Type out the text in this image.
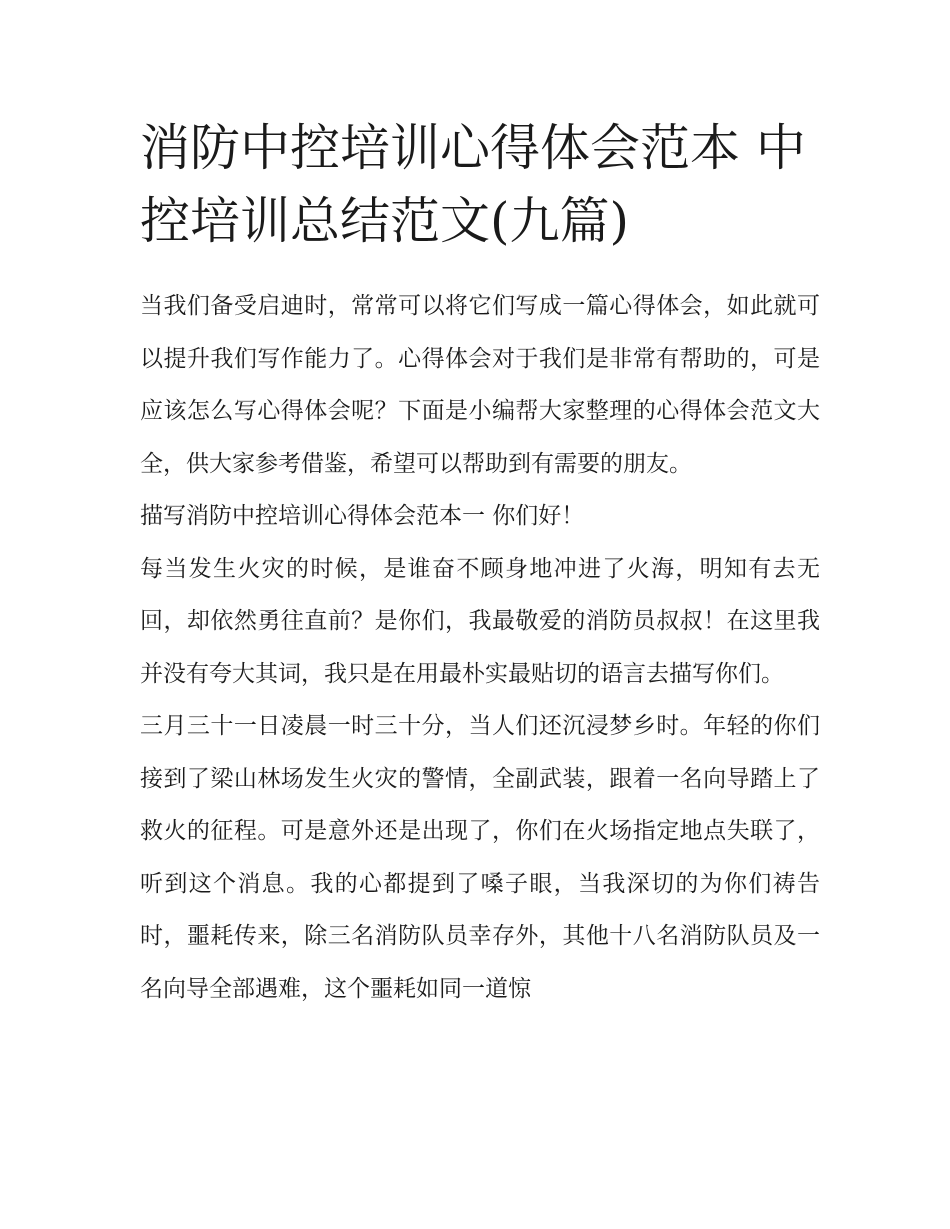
消防中控培训心得体会范本 中控培训总结范文(九篇)

当我们备受启迪时，常常可以将它们写成一篇心得体会，如此就可以提升我们写作能力了。心得体会对于我们是非常有帮助的，可是应该怎么写心得体会呢？下面是小编帮大家整理的心得体会范文大全，供大家参考借鉴，希望可以帮助到有需要的朋友。

描写消防中控培训心得体会范本一 你们好！

每当发生火灾的时候，是谁奋不顾身地冲进了火海，明知有去无回，却依然勇往直前？是你们，我最敬爱的消防员叔叔！在这里我并没有夸大其词，我只是在用最朴实最贴切的语言去描写你们。

三月三十一日凌晨一时三十分，当人们还沉浸梦乡时。年轻的你们接到了梁山林场发生火灾的警情，全副武装，跟着一名向导踏上了救火的征程。可是意外还是出现了，你们在火场指定地点失联了，听到这个消息。我的心都提到了嗓子眼，当我深切的为你们祷告时，噩耗传来，除三名消防队员幸存外，其他十八名消防队员及一名向导全部遇难，这个噩耗如同一道惊
